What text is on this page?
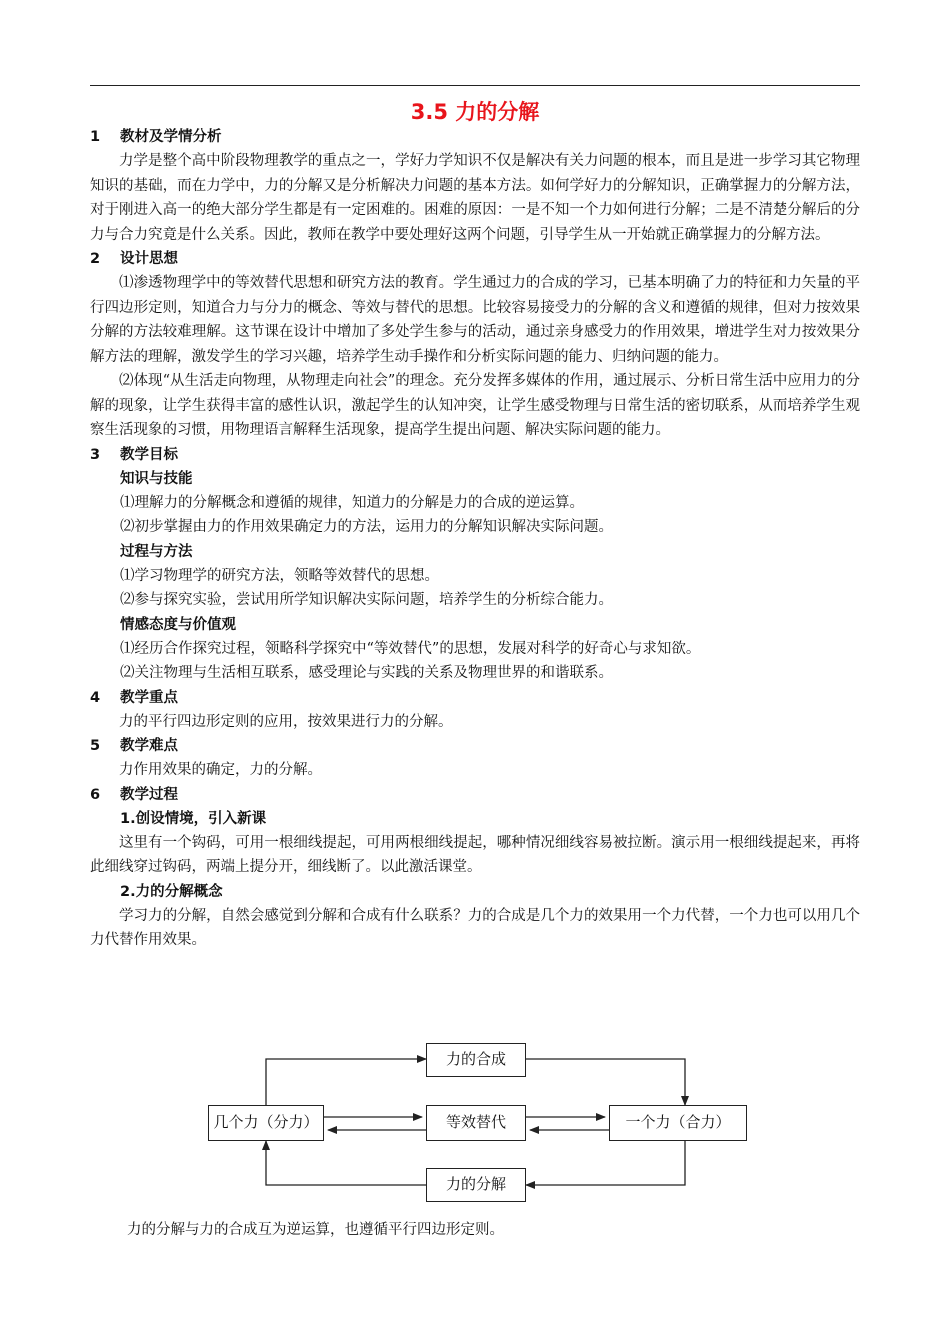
3.5 力的分解

1 教材及学情分析

力学是整个高中阶段物理教学的重点之一，学好力学知识不仅是解决有关力问题的根本，而且是进一步学习其它物理知识的基础，而在力学中，力的分解又是分析解决力问题的基本方法。如何学好力的分解知识，正确掌握力的分解方法，对于刚进入高一的绝大部分学生都是有一定困难的。困难的原因：一是不知一个力如何进行分解；二是不清楚分解后的分力与合力究竟是什么关系。因此，教师在教学中要处理好这两个问题，引导学生从一开始就正确掌握力的分解方法。

2 设计思想

⑴渗透物理学中的等效替代思想和研究方法的教育。学生通过力的合成的学习，已基本明确了力的特征和力矢量的平行四边形定则，知道合力与分力的概念、等效与替代的思想。比较容易接受力的分解的含义和遵循的规律，但对力按效果分解的方法较难理解。这节课在设计中增加了多处学生参与的活动，通过亲身感受力的作用效果，增进学生对力按效果分解方法的理解，激发学生的学习兴趣，培养学生动手操作和分析实际问题的能力、归纳问题的能力。

⑵体现“从生活走向物理，从物理走向社会”的理念。充分发挥多媒体的作用，通过展示、分析日常生活中应用力的分解的现象，让学生获得丰富的感性认识，激起学生的认知冲突，让学生感受物理与日常生活的密切联系，从而培养学生观察生活现象的习惯，用物理语言解释生活现象，提高学生提出问题、解决实际问题的能力。

3 教学目标

知识与技能

⑴理解力的分解概念和遵循的规律，知道力的分解是力的合成的逆运算。

⑵初步掌握由力的作用效果确定力的方法，运用力的分解知识解决实际问题。

过程与方法

⑴学习物理学的研究方法，领略等效替代的思想。

⑵参与探究实验，尝试用所学知识解决实际问题，培养学生的分析综合能力。

情感态度与价值观

⑴经历合作探究过程，领略科学探究中“等效替代”的思想，发展对科学的好奇心与求知欲。

⑵关注物理与生活相互联系，感受理论与实践的关系及物理世界的和谐联系。

4 教学重点

力的平行四边形定则的应用，按效果进行力的分解。

5 教学难点

力作用效果的确定，力的分解。

6 教学过程

1.创设情境，引入新课

这里有一个钩码，可用一根细线提起，可用两根细线提起，哪种情况细线容易被拉断。演示用一根细线提起来，再将此细线穿过钩码，两端上提分开，细线断了。以此激活课堂。

2.力的分解概念

学习力的分解，自然会感觉到分解和合成有什么联系？力的合成是几个力的效果用一个力代替，一个力也可以用几个力代替作用效果。

力的合成
几个力（分力）	等效替代	一个力（合力）
力的分解
力的分解与力的合成互为逆运算，也遵循平行四边形定则。
